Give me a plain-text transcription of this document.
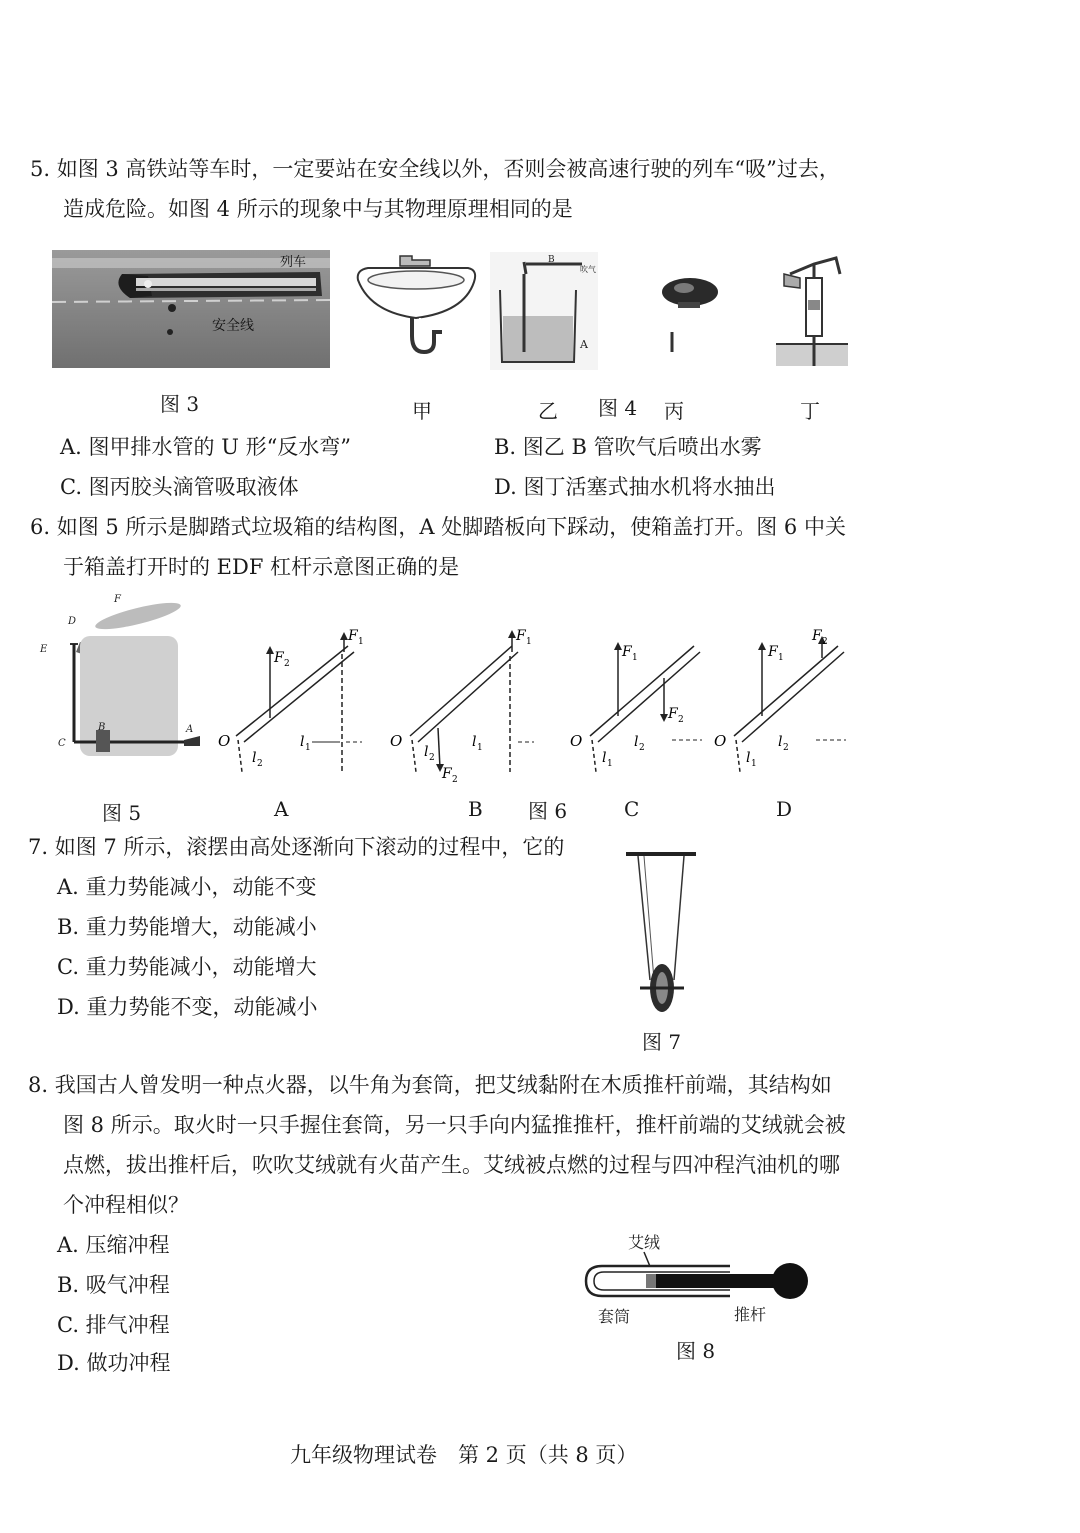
5. 如图 3 高铁站等车时，一定要站在安全线以外，否则会被高速行驶的列车“吸”过去，
造成危险。如图 4 所示的现象中与其物理原理相同的是
列车
安全线
图 3
B
吹气
A
甲	乙 图 4 丙	丁
A. 图甲排水管的 U 形“反水弯”	B. 图乙 B 管吹气后喷出水雾
C. 图丙胶头滴管吸取液体	D. 图丁活塞式抽水机将水抽出
6. 如图 5 所示是脚踏式垃圾箱的结构图，A 处脚踏板向下踩动，使箱盖打开。图 6 中关
于箱盖打开时的 EDF 杠杆示意图正确的是
F
D
E
C
B	A
F 2
F 1
O	l 1
l 2
F 1
F 2
O	l 1
l 2
F 1
F 2
O	l 2
l 1
F 1
F 2
O	l 2
l 1
图 5	A	B 图 6	C	D
7. 如图 7 所示，滚摆由高处逐渐向下滚动的过程中，它的
A. 重力势能减小，动能不变
B. 重力势能增大，动能减小
C. 重力势能减小，动能增大
D. 重力势能不变，动能减小
图 7
8. 我国古人曾发明一种点火器，以牛角为套筒，把艾绒黏附在木质推杆前端，其结构如
图 8 所示。取火时一只手握住套筒，另一只手向内猛推推杆，推杆前端的艾绒就会被
点燃，拔出推杆后，吹吹艾绒就有火苗产生。艾绒被点燃的过程与四冲程汽油机的哪
个冲程相似？
A. 压缩冲程
B. 吸气冲程
C. 排气冲程
D. 做功冲程
艾绒
套筒	推杆
图 8
九年级物理试卷　第 2 页（共 8 页）
